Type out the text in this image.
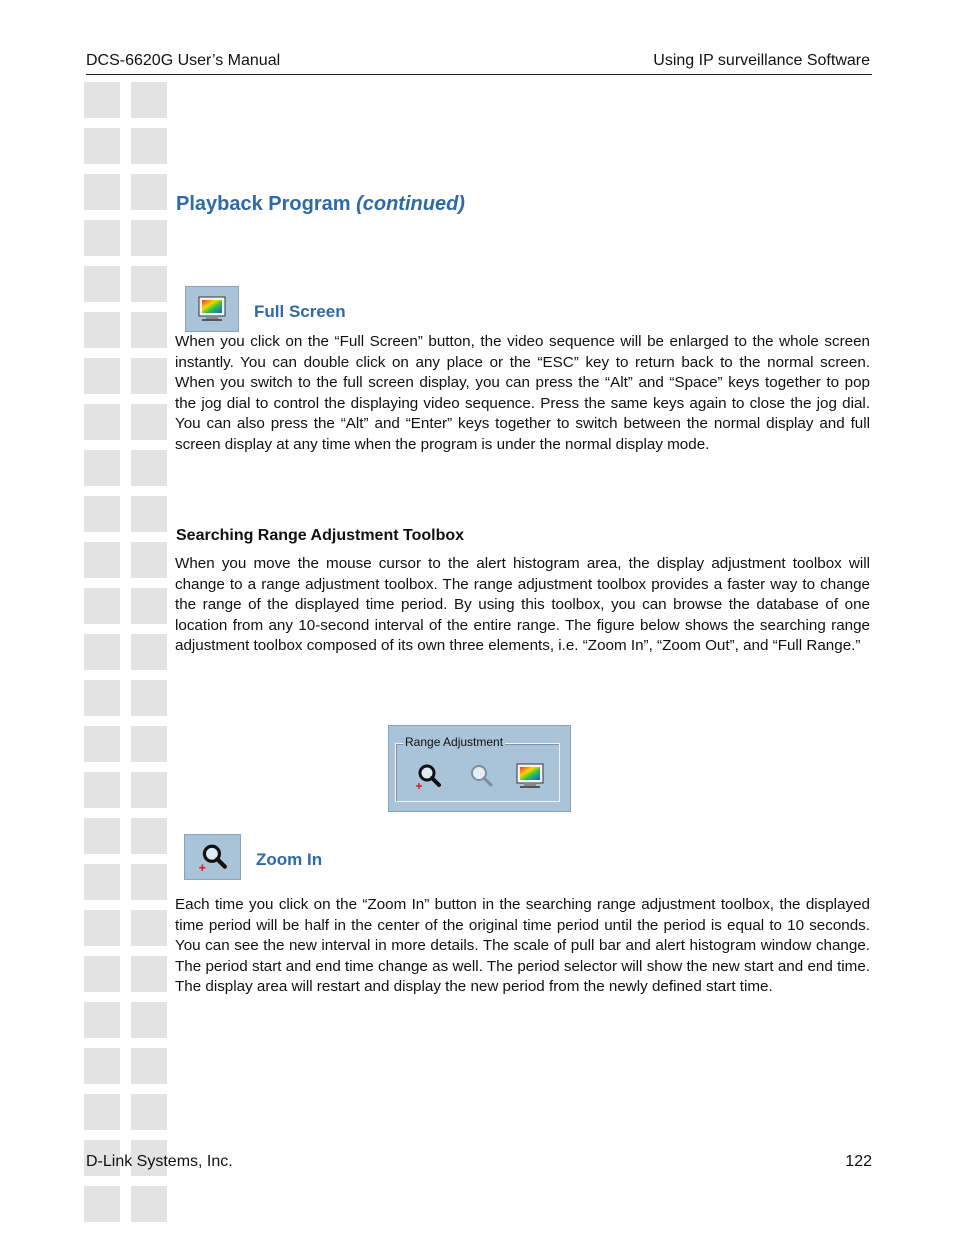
DCS-6620G User’s Manual	Using IP surveillance Software
Playback Program (continued)
Full Screen
When you click on the “Full Screen” button, the video sequence will be enlarged to the whole screen instantly. You can double click on any place or the “ESC” key to return back to the normal screen. When you switch to the full screen display, you can press the “Alt” and “Space” keys together to pop the jog dial to control the displaying video sequence. Press the same keys again to close the jog dial. You can also press the “Alt” and “Enter” keys together to switch between the normal display and full screen display at any time when the program is under the normal display mode.
Searching Range Adjustment Toolbox
When you move the mouse cursor to the alert histogram area, the display adjustment toolbox will change to a range adjustment toolbox. The range adjustment toolbox provides a faster way to change the range of the displayed time period. By using this toolbox, you can browse the database of one location from any 10-second interval of the entire range. The figure below shows the searching range adjustment toolbox composed of its own three elements, i.e. “Zoom In”, “Zoom Out”, and “Full Range.”
Range Adjustment
Zoom In
Each time you click on the “Zoom In” button in the searching range adjustment toolbox, the displayed time period will be half in the center of the original time period until the period is equal to 10 seconds. You can see the new interval in more details. The scale of pull bar and alert histogram window change. The period start and end time change as well. The period selector will show the new start and end time. The display area will restart and display the new period from the newly defined start time.
D-Link Systems, Inc.	122
